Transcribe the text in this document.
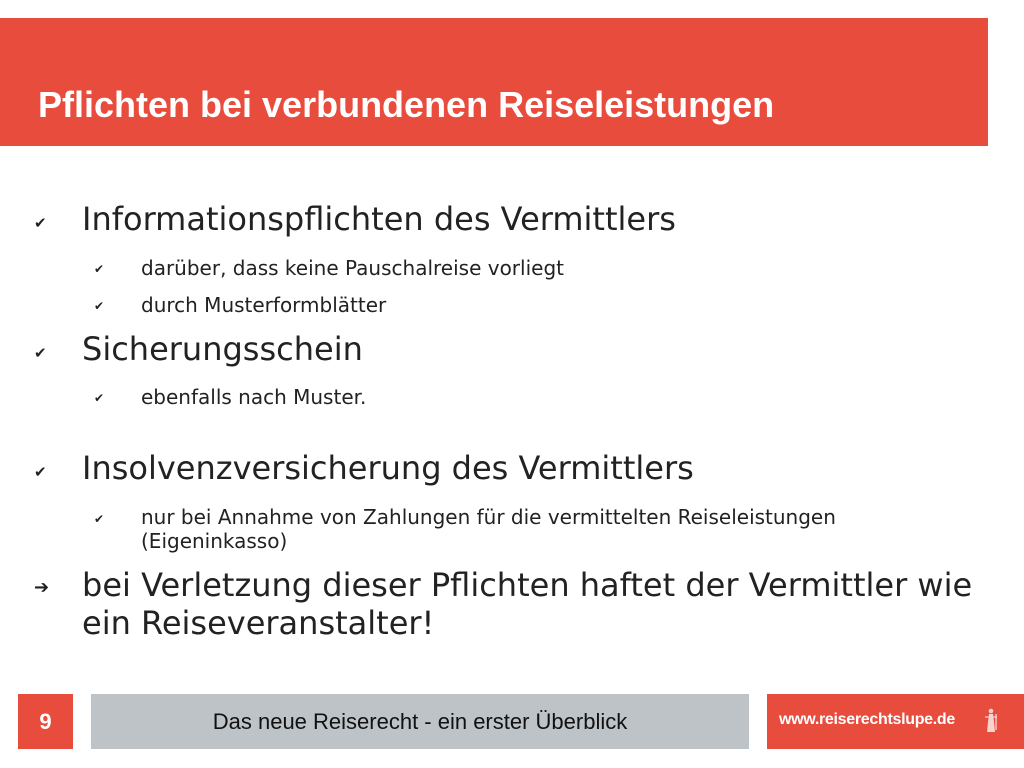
Pflichten bei verbundenen Reiseleistungen
✔ Informationspflichten des Vermittlers
✔ darüber, dass keine Pauschalreise vorliegt
✔ durch Musterformblätter
✔ Sicherungsschein
✔ ebenfalls nach Muster.
✔ Insolvenzversicherung des Vermittlers
✔ nur bei Annahme von Zahlungen für die vermittelten Reiseleistungen (Eigeninkasso)
➔ bei Verletzung dieser Pflichten haftet der Vermittler wie ein Reiseveranstalter!
9	Das neue Reiserecht - ein erster Überblick	www.reiserechtslupe.de
